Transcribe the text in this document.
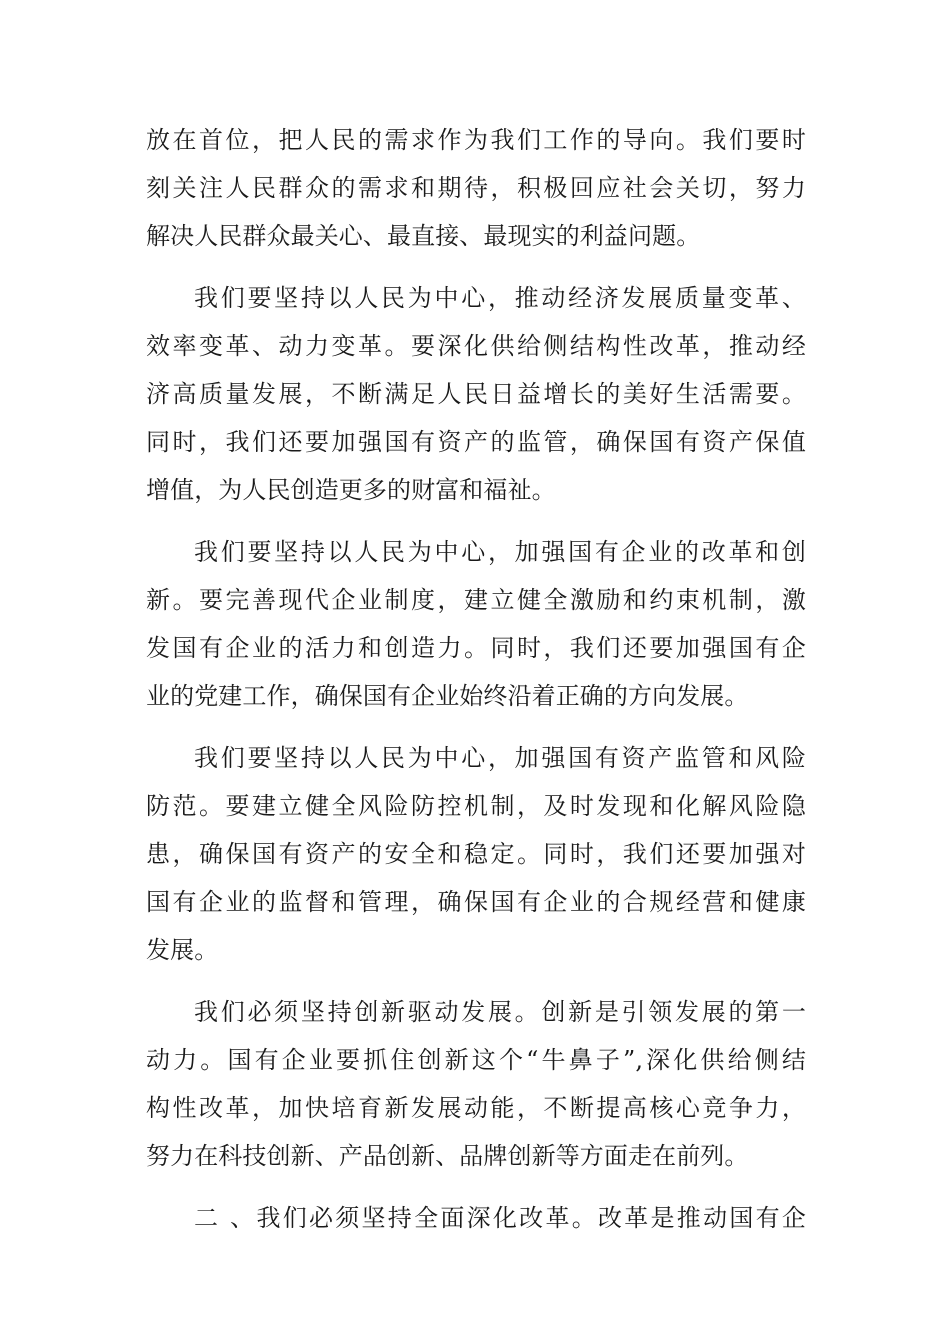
放在首位，把人民的需求作为我们工作的导向。我们要时
刻关注人民群众的需求和期待，积极回应社会关切，努力
解决人民群众最关心、最直接、最现实的利益问题。
我们要坚持以人民为中心，推动经济发展质量变革、
效率变革、动力变革。要深化供给侧结构性改革，推动经
济高质量发展，不断满足人民日益增长的美好生活需要。
同时，我们还要加强国有资产的监管，确保国有资产保值
增值，为人民创造更多的财富和福祉。
我们要坚持以人民为中心，加强国有企业的改革和创
新。要完善现代企业制度，建立健全激励和约束机制，激
发国有企业的活力和创造力。同时，我们还要加强国有企
业的党建工作，确保国有企业始终沿着正确的方向发展。
我们要坚持以人民为中心，加强国有资产监管和风险
防范。要建立健全风险防控机制，及时发现和化解风险隐
患，确保国有资产的安全和稳定。同时，我们还要加强对
国有企业的监督和管理，确保国有企业的合规经营和健康
发展。
我们必须坚持创新驱动发展。创新是引领发展的第一
动力。国有企业要抓住创新这个“牛鼻子”,深化供给侧结
构性改革，加快培育新发展动能，不断提高核心竞争力，
努力在科技创新、产品创新、品牌创新等方面走在前列。
二 、我们必须坚持全面深化改革。改革是推动国有企
